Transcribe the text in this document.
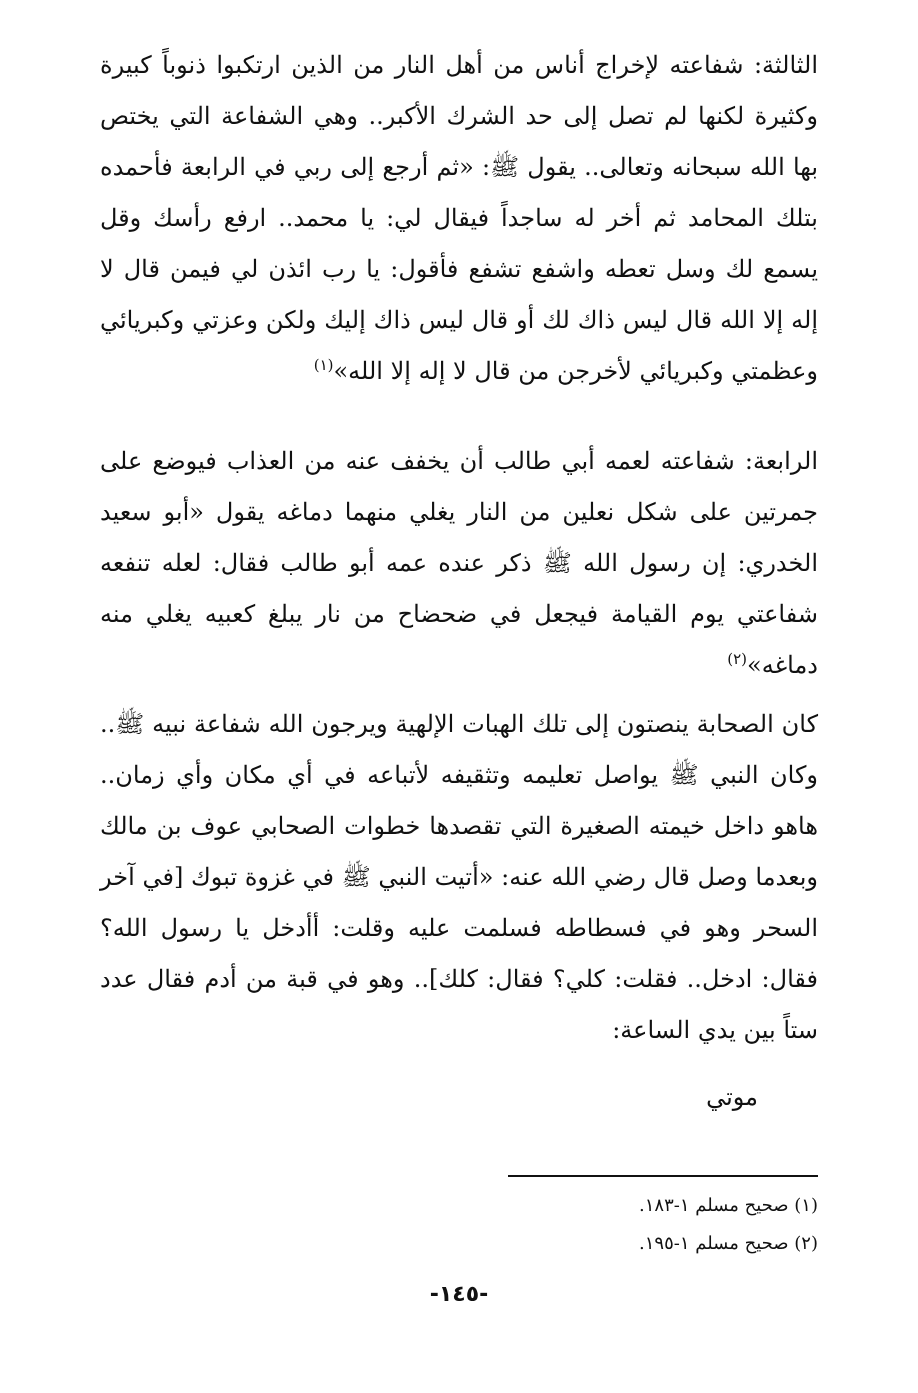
الثالثة: شفاعته لإخراج أناس من أهل النار من الذين ارتكبوا ذنوباً كبيرة وكثيرة لكنها لم تصل إلى حد الشرك الأكبر.. وهي الشفاعة التي يختص بها الله سبحانه وتعالى.. يقول ﷺ: «ثم أرجع إلى ربي في الرابعة فأحمده بتلك المحامد ثم أخر له ساجداً فيقال لي: يا محمد.. ارفع رأسك وقل يسمع لك وسل تعطه واشفع تشفع فأقول: يا رب ائذن لي فيمن قال لا إله إلا الله قال ليس ذاك لك أو قال ليس ذاك إليك ولكن وعزتي وكبريائي وعظمتي وكبريائي لأخرجن من قال لا إله إلا الله»$^{(١)}$

الرابعة: شفاعته لعمه أبي طالب أن يخفف عنه من العذاب فيوضع على جمرتين على شكل نعلين من النار يغلي منهما دماغه يقول «أبو سعيد الخدري: إن رسول الله ﷺ ذكر عنده عمه أبو طالب فقال: لعله تنفعه شفاعتي يوم القيامة فيجعل في ضحضاح من نار يبلغ كعبيه يغلي منه دماغه»$^{(٢)}$

كان الصحابة ينصتون إلى تلك الهبات الإلهية ويرجون الله شفاعة نبيه ﷺ.. وكان النبي ﷺ يواصل تعليمه وتثقيفه لأتباعه في أي مكان وأي زمان.. هاهو داخل خيمته الصغيرة التي تقصدها خطوات الصحابي عوف بن مالك وبعدما وصل قال رضي الله عنه: «أتيت النبي ﷺ في غزوة تبوك [في آخر السحر وهو في فسطاطه فسلمت عليه وقلت: أأدخل يا رسول الله؟ فقال: ادخل.. فقلت: كلي؟ فقال: كلك].. وهو في قبة من أدم فقال عدد ستاً بين يدي الساعة:

موتي

(١) صحيح مسلم ١-١٨٣.

(٢) صحيح مسلم ١-١٩٥.

-١٤٥-
